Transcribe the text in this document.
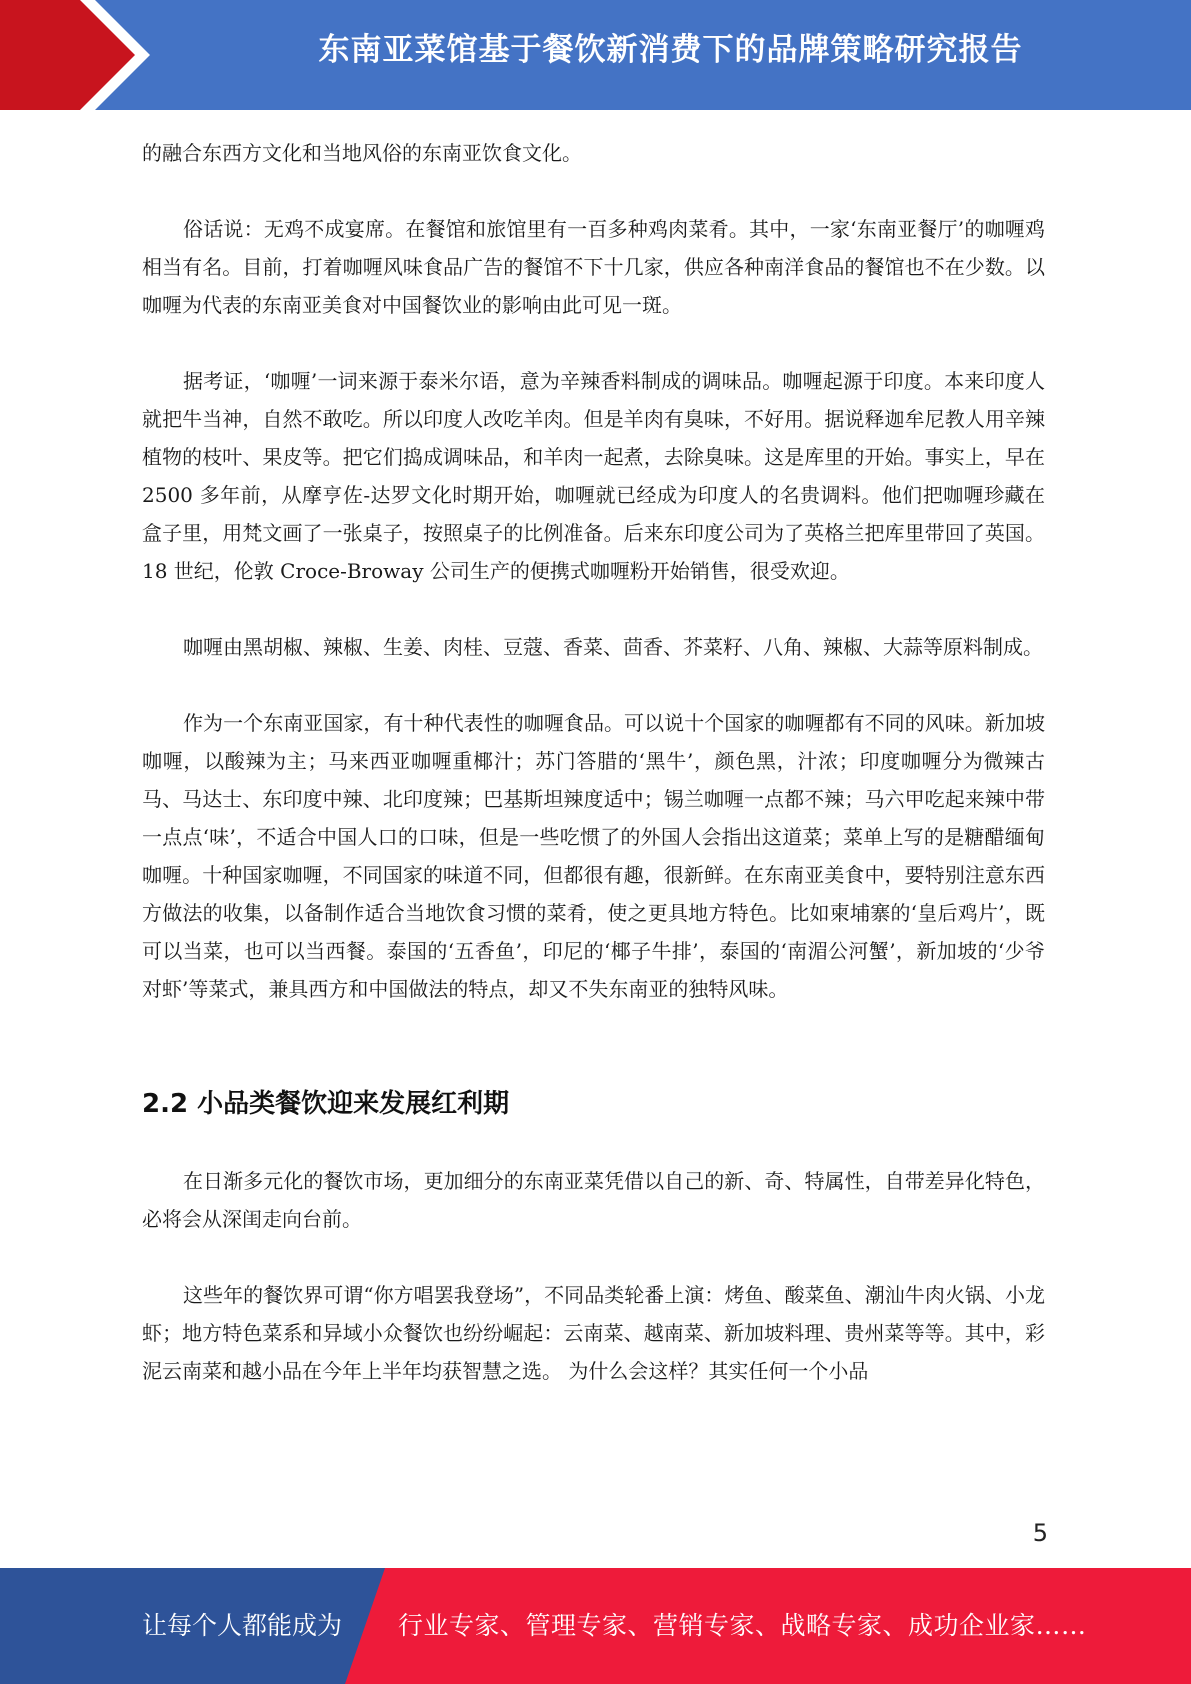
东南亚菜馆基于餐饮新消费下的品牌策略研究报告

的融合东西方文化和当地风俗的东南亚饮食文化。

俗话说：无鸡不成宴席。在餐馆和旅馆里有一百多种鸡肉菜肴。其中，一家‘东南亚餐厅’的咖喱鸡相当有名。目前，打着咖喱风味食品广告的餐馆不下十几家，供应各种南洋食品的餐馆也不在少数。以咖喱为代表的东南亚美食对中国餐饮业的影响由此可见一斑。

据考证，‘咖喱’一词来源于泰米尔语，意为辛辣香料制成的调味品。咖喱起源于印度。本来印度人就把牛当神，自然不敢吃。所以印度人改吃羊肉。但是羊肉有臭味，不好用。据说释迦牟尼教人用辛辣植物的枝叶、果皮等。把它们捣成调味品，和羊肉一起煮，去除臭味。这是库里的开始。事实上，早在 2500 多年前，从摩亨佐-达罗文化时期开始，咖喱就已经成为印度人的名贵调料。他们把咖喱珍藏在盒子里，用梵文画了一张桌子，按照桌子的比例准备。后来东印度公司为了英格兰把库里带回了英国。18 世纪，伦敦 Croce-Broway 公司生产的便携式咖喱粉开始销售，很受欢迎。

咖喱由黑胡椒、辣椒、生姜、肉桂、豆蔻、香菜、茴香、芥菜籽、八角、辣椒、大蒜等原料制成。

作为一个东南亚国家，有十种代表性的咖喱食品。可以说十个国家的咖喱都有不同的风味。新加坡咖喱，以酸辣为主；马来西亚咖喱重椰汁；苏门答腊的‘黑牛’，颜色黑，汁浓；印度咖喱分为微辣古马、马达士、东印度中辣、北印度辣；巴基斯坦辣度适中；锡兰咖喱一点都不辣；马六甲吃起来辣中带一点点‘味’，不适合中国人口的口味，但是一些吃惯了的外国人会指出这道菜；菜单上写的是糖醋缅甸咖喱。十种国家咖喱，不同国家的味道不同，但都很有趣，很新鲜。在东南亚美食中，要特别注意东西方做法的收集，以备制作适合当地饮食习惯的菜肴，使之更具地方特色。比如柬埔寨的‘皇后鸡片’，既可以当菜，也可以当西餐。泰国的‘五香鱼’，印尼的‘椰子牛排’，泰国的‘南湄公河蟹’，新加坡的‘少爷对虾’等菜式，兼具西方和中国做法的特点，却又不失东南亚的独特风味。

2.2 小品类餐饮迎来发展红利期

在日渐多元化的餐饮市场，更加细分的东南亚菜凭借以自己的新、奇、特属性，自带差异化特色，必将会从深闺走向台前。

这些年的餐饮界可谓“你方唱罢我登场”，不同品类轮番上演：烤鱼、酸菜鱼、潮汕牛肉火锅、小龙虾；地方特色菜系和异域小众餐饮也纷纷崛起：云南菜、越南菜、新加坡料理、贵州菜等等。其中，彩泥云南菜和越小品在今年上半年均获智慧之选。 为什么会这样？其实任何一个小品

5
让每个人都能成为 行业专家、管理专家、营销专家、战略专家、成功企业家……
